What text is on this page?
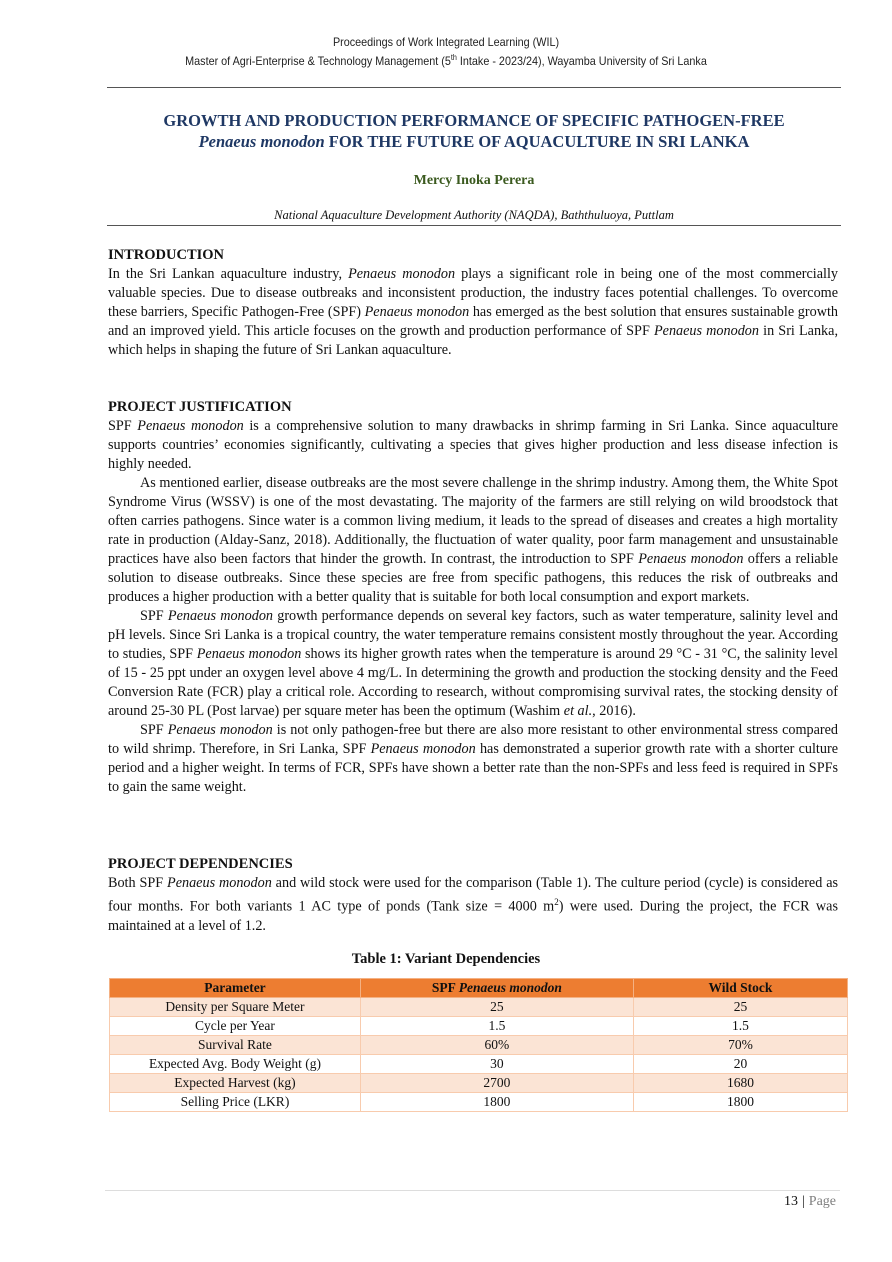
Proceedings of Work Integrated Learning (WIL)
Master of Agri-Enterprise & Technology Management (5th Intake - 2023/24), Wayamba University of Sri Lanka
GROWTH AND PRODUCTION PERFORMANCE OF SPECIFIC PATHOGEN-FREE
Penaeus monodon FOR THE FUTURE OF AQUACULTURE IN SRI LANKA
Mercy Inoka Perera
National Aquaculture Development Authority (NAQDA), Baththuluoya, Puttlam
INTRODUCTION

In the Sri Lankan aquaculture industry, Penaeus monodon plays a significant role in being one of the most commercially valuable species. Due to disease outbreaks and inconsistent production, the industry faces potential challenges. To overcome these barriers, Specific Pathogen-Free (SPF) Penaeus monodon has emerged as the best solution that ensures sustainable growth and an improved yield. This article focuses on the growth and production performance of SPF Penaeus monodon in Sri Lanka, which helps in shaping the future of Sri Lankan aquaculture.

PROJECT JUSTIFICATION

SPF Penaeus monodon is a comprehensive solution to many drawbacks in shrimp farming in Sri Lanka. Since aquaculture supports countries’ economies significantly, cultivating a species that gives higher production and less disease infection is highly needed.

As mentioned earlier, disease outbreaks are the most severe challenge in the shrimp industry. Among them, the White Spot Syndrome Virus (WSSV) is one of the most devastating. The majority of the farmers are still relying on wild broodstock that often carries pathogens. Since water is a common living medium, it leads to the spread of diseases and creates a high mortality rate in production (Alday-Sanz, 2018). Additionally, the fluctuation of water quality, poor farm management and unsustainable practices have also been factors that hinder the growth. In contrast, the introduction to SPF Penaeus monodon offers a reliable solution to disease outbreaks. Since these species are free from specific pathogens, this reduces the risk of outbreaks and produces a higher production with a better quality that is suitable for both local consumption and export markets.

SPF Penaeus monodon growth performance depends on several key factors, such as water temperature, salinity level and pH levels. Since Sri Lanka is a tropical country, the water temperature remains consistent mostly throughout the year. According to studies, SPF Penaeus monodon shows its higher growth rates when the temperature is around 29 °C - 31 °C, the salinity level of 15 - 25 ppt under an oxygen level above 4 mg/L. In determining the growth and production the stocking density and the Feed Conversion Rate (FCR) play a critical role. According to research, without compromising survival rates, the stocking density of around 25-30 PL (Post larvae) per square meter has been the optimum (Washim et al., 2016).

SPF Penaeus monodon is not only pathogen-free but there are also more resistant to other environmental stress compared to wild shrimp. Therefore, in Sri Lanka, SPF Penaeus monodon has demonstrated a superior growth rate with a shorter culture period and a higher weight. In terms of FCR, SPFs have shown a better rate than the non-SPFs and less feed is required in SPFs to gain the same weight.

PROJECT DEPENDENCIES

Both SPF Penaeus monodon and wild stock were used for the comparison (Table 1). The culture period (cycle) is considered as four months. For both variants 1 AC type of ponds (Tank size = 4000 $m^2$) were used. During the project, the FCR was maintained at a level of 1.2.

Table 1: Variant Dependencies
Parameter	SPF Penaeus monodon	Wild Stock
Density per Square Meter	25	25
Cycle per Year	1.5	1.5
Survival Rate	60%	70%
Expected Avg. Body Weight (g)	30	20
Expected Harvest (kg)	2700	1680
Selling Price (LKR)	1800	1800
13 | Page
